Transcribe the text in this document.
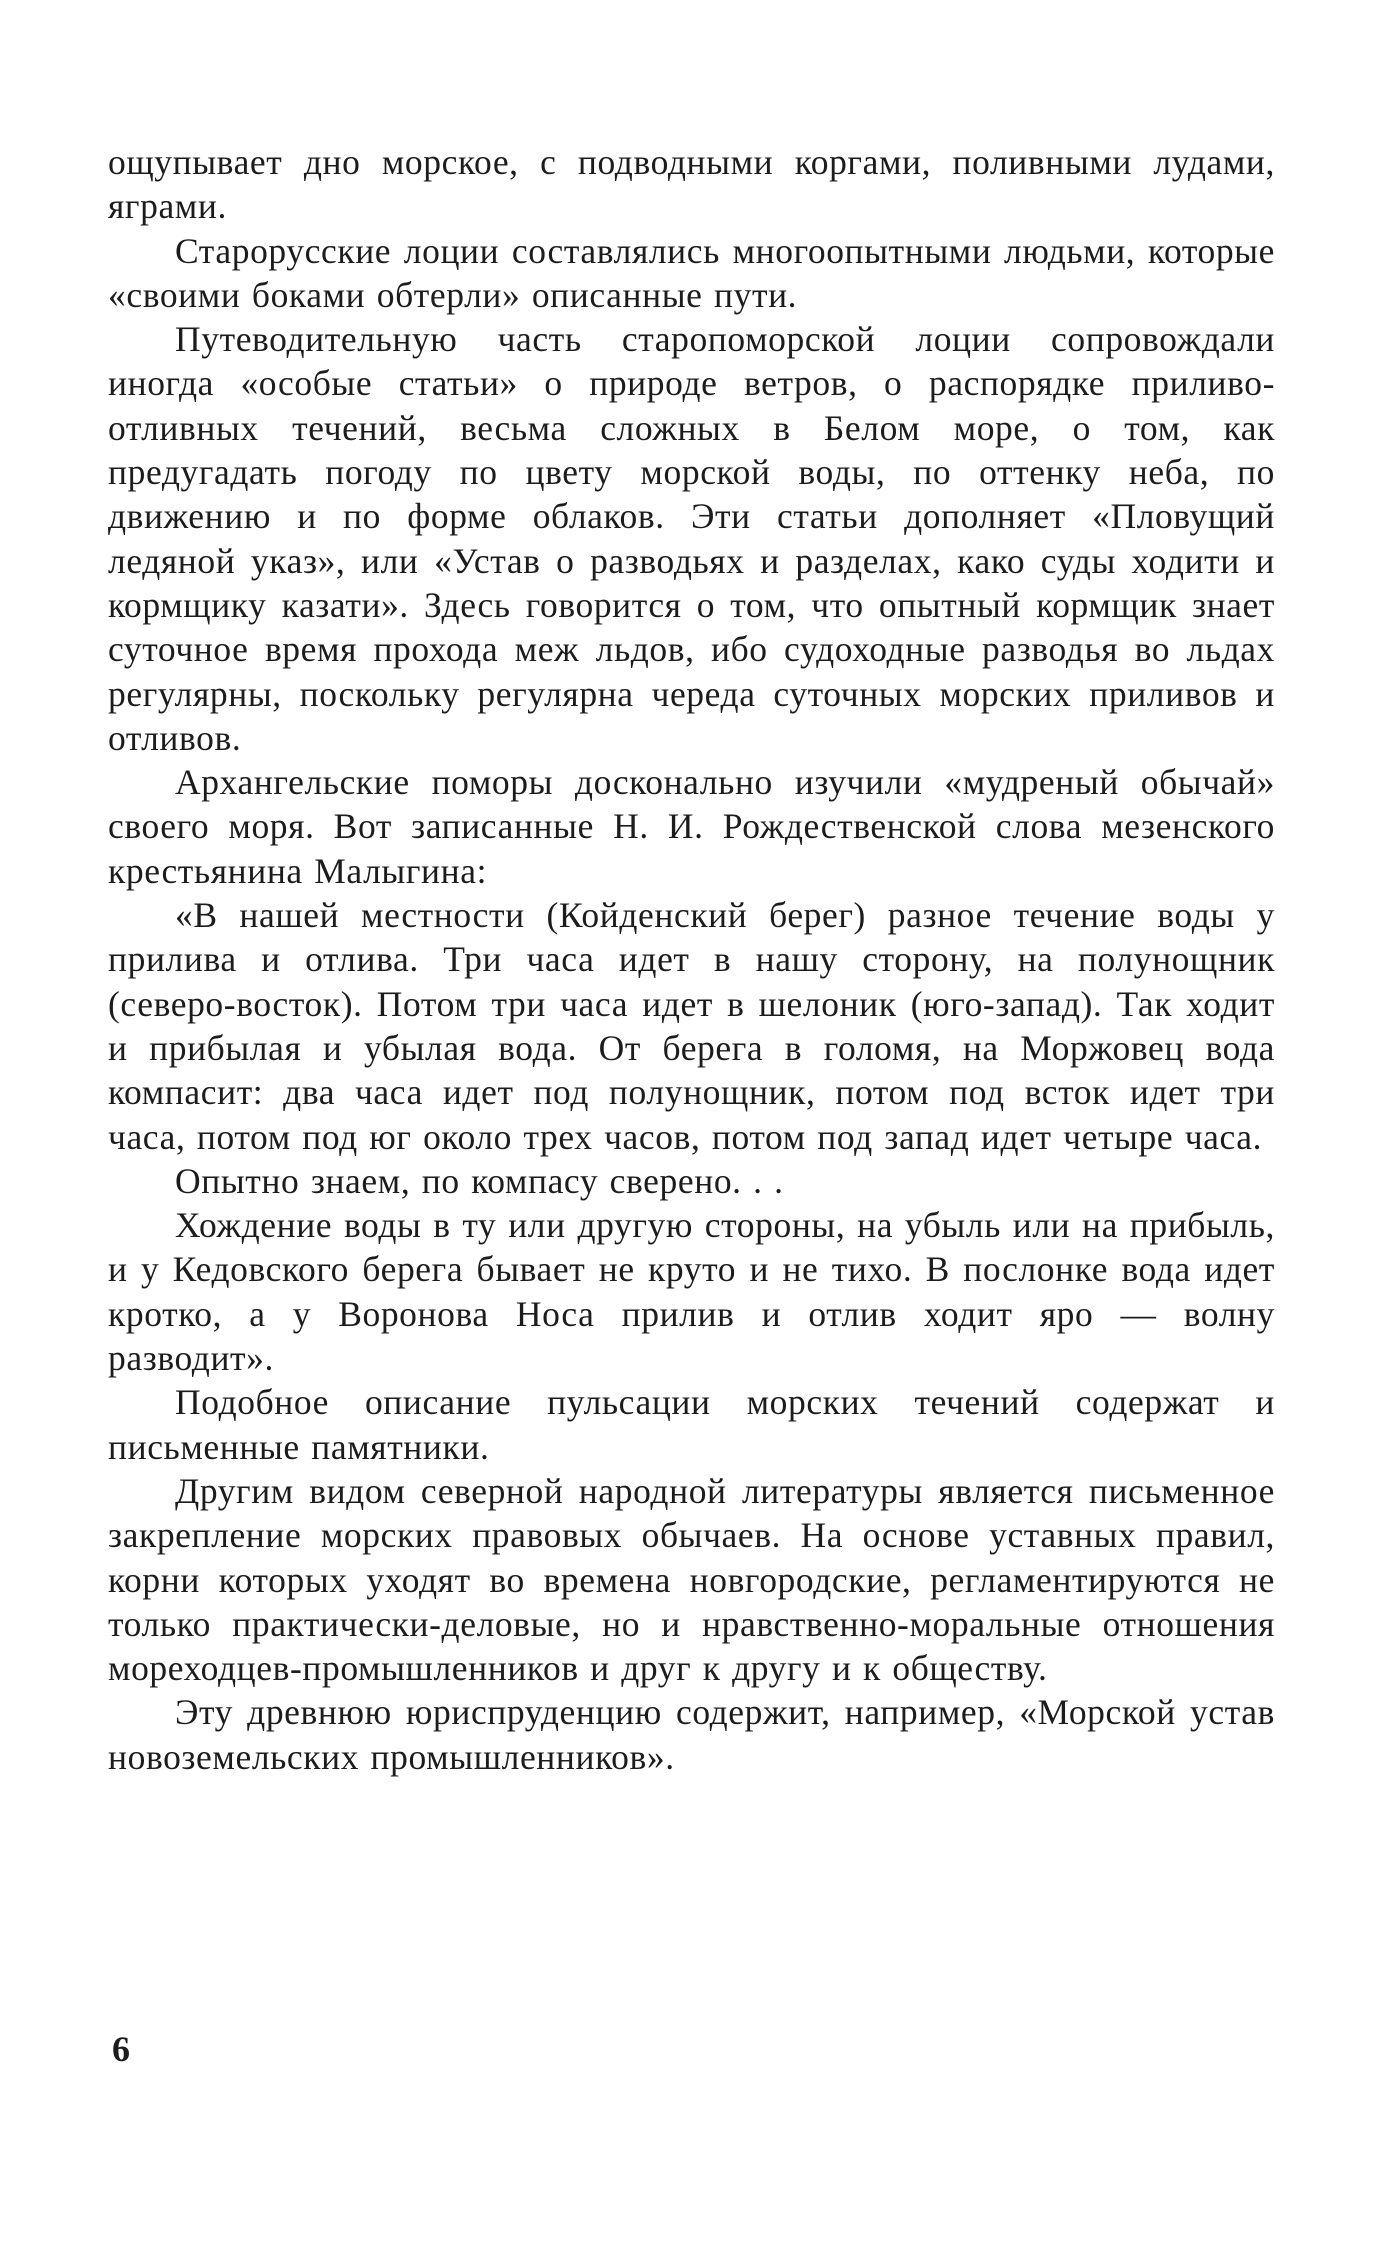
ощупывает дно морское, с подводными коргами, поливными лудами, яграми.

Старорусские лоции составлялись многоопытными людьми, которые «своими боками обтерли» описанные пути.

Путеводительную часть старопоморской лоции сопровождали иногда «особые статьи» о природе ветров, о распорядке приливо-отливных течений, весьма сложных в Белом море, о том, как предугадать погоду по цвету морской воды, по оттенку неба, по движению и по форме облаков. Эти статьи дополняет «Пловущий ледяной указ», или «Устав о разводьях и разделах, како суды ходити и кормщику казати». Здесь говорится о том, что опытный кормщик знает суточное время прохода меж льдов, ибо судоходные разводья во льдах регулярны, поскольку регулярна череда суточных морских приливов и отливов.

Архангельские поморы досконально изучили «мудреный обычай» своего моря. Вот записанные Н. И. Рождественской слова мезенского крестьянина Малыгина:

«В нашей местности (Койденский берег) разное течение воды у прилива и отлива. Три часа идет в нашу сторону, на полунощник (северо-восток). Потом три часа идет в шелоник (юго-запад). Так ходит и прибылая и убылая вода. От берега в голомя, на Моржовец вода компасит: два часа идет под полунощник, потом под всток идет три часа, потом под юг около трех часов, потом под запад идет четыре часа.

Опытно знаем, по компасу сверено. . .

Хождение воды в ту или другую стороны, на убыль или на прибыль, и у Кедовского берега бывает не круто и не тихо. В послонке вода идет кротко, а у Воронова Носа прилив и отлив ходит яро — волну разводит».

Подобное описание пульсации морских течений содержат и письменные памятники.

Другим видом северной народной литературы является письменное закрепление морских правовых обычаев. На основе уставных правил, корни которых уходят во времена новгородские, регламентируются не только практически-деловые, но и нравственно-моральные отношения мореходцев-промышленников и друг к другу и к обществу.

Эту древнюю юриспруденцию содержит, например, «Морской устав новоземельских промышленников».

6
